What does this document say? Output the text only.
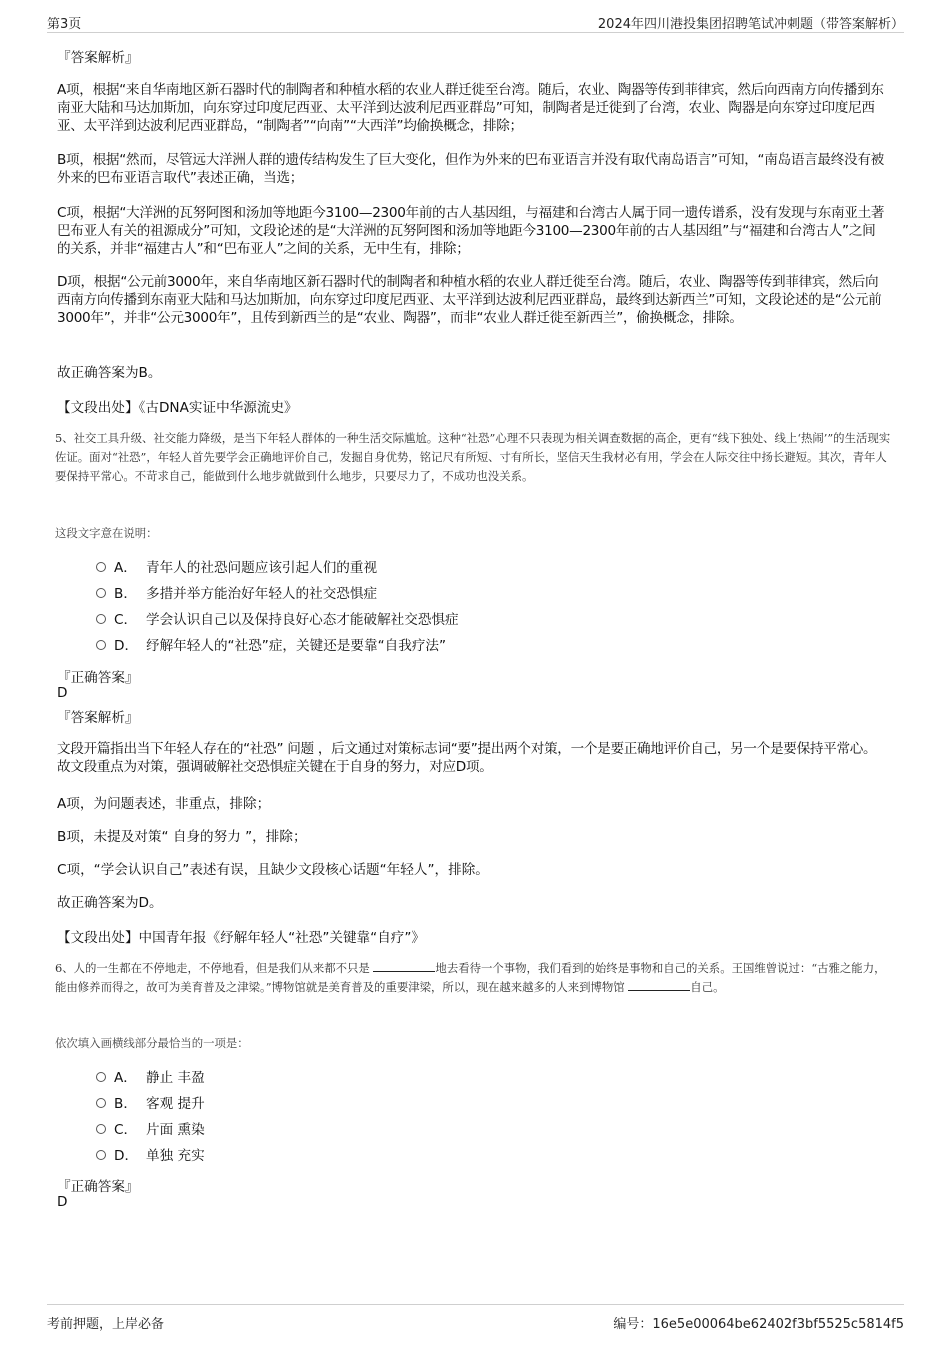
第3页	2024年四川港投集团招聘笔试冲刺题（带答案解析）
『答案解析』
A项，根据“来自华南地区新石器时代的制陶者和种植水稻的农业人群迁徙至台湾。随后，农业、陶器等传到菲律宾，然后向西南方向传播到东南亚大陆和马达加斯加，向东穿过印度尼西亚、太平洋到达波利尼西亚群岛”可知，制陶者是迁徙到了台湾，农业、陶器是向东穿过印度尼西亚、太平洋到达波利尼西亚群岛，“制陶者”“向南”“大西洋”均偷换概念，排除；
B项，根据“然而，尽管远大洋洲人群的遗传结构发生了巨大变化，但作为外来的巴布亚语言并没有取代南岛语言”可知，“南岛语言最终没有被外来的巴布亚语言取代”表述正确，当选；
C项，根据“大洋洲的瓦努阿图和汤加等地距今3100—2300年前的古人基因组，与福建和台湾古人属于同一遗传谱系，没有发现与东南亚土著巴布亚人有关的祖源成分”可知，文段论述的是“大洋洲的瓦努阿图和汤加等地距今3100—2300年前的古人基因组”与“福建和台湾古人”之间的关系，并非“福建古人”和“巴布亚人”之间的关系，无中生有，排除；
D项，根据“公元前3000年，来自华南地区新石器时代的制陶者和种植水稻的农业人群迁徙至台湾。随后，农业、陶器等传到菲律宾，然后向西南方向传播到东南亚大陆和马达加斯加，向东穿过印度尼西亚、太平洋到达波利尼西亚群岛，最终到达新西兰”可知，文段论述的是“公元前3000年”，并非“公元3000年”，且传到新西兰的是“农业、陶器”，而非“农业人群迁徙至新西兰”，偷换概念，排除。
故正确答案为B。
【文段出处】《古DNA实证中华源流史》
5、社交工具升级、社交能力降级，是当下年轻人群体的一种生活交际尴尬。这种“社恐”心理不只表现为相关调查数据的高企，更有“线下独处、线上‘热闹’”的生活现实佐证。面对“社恐”，年轻人首先要学会正确地评价自己，发掘自身优势，铭记尺有所短、寸有所长，坚信天生我材必有用，学会在人际交往中扬长避短。其次，青年人要保持平常心。不苛求自己，能做到什么地步就做到什么地步，只要尽力了，不成功也没关系。
这段文字意在说明：
A． 青年人的社恐问题应该引起人们的重视
B． 多措并举方能治好年轻人的社交恐惧症
C． 学会认识自己以及保持良好心态才能破解社交恐惧症
D． 纾解年轻人的“社恐”症，关键还是要靠“自我疗法”
『正确答案』
D
『答案解析』
文段开篇指出当下年轻人存在的“社恐” 问题 ，后文通过对策标志词“要”提出两个对策，一个是要正确地评价自己，另一个是要保持平常心。故文段重点为对策，强调破解社交恐惧症关键在于自身的努力，对应D项。
A项，为问题表述，非重点，排除；
B项，未提及对策“ 自身的努力 ”，排除；
C项，“学会认识自己”表述有误，且缺少文段核心话题“年轻人”，排除。
故正确答案为D。
【文段出处】中国青年报《纾解年轻人“社恐”关键靠“自疗”》
6、人的一生都在不停地走，不停地看，但是我们从来都不只是	地去看待一个事物，我们看到的始终是事物和自己的关系。王国维曾说过：“古雅之能力，能由修养而得之，故可为美育普及之津梁。”博物馆就是美育普及的重要津梁，所以，现在越来越多的人来到博物馆	自己。
依次填入画横线部分最恰当的一项是：
A． 静止 丰盈
B． 客观 提升
C． 片面 熏染
D． 单独 充实
『正确答案』
D
考前押题，上岸必备	编号：16e5e00064be62402f3bf5525c5814f5
